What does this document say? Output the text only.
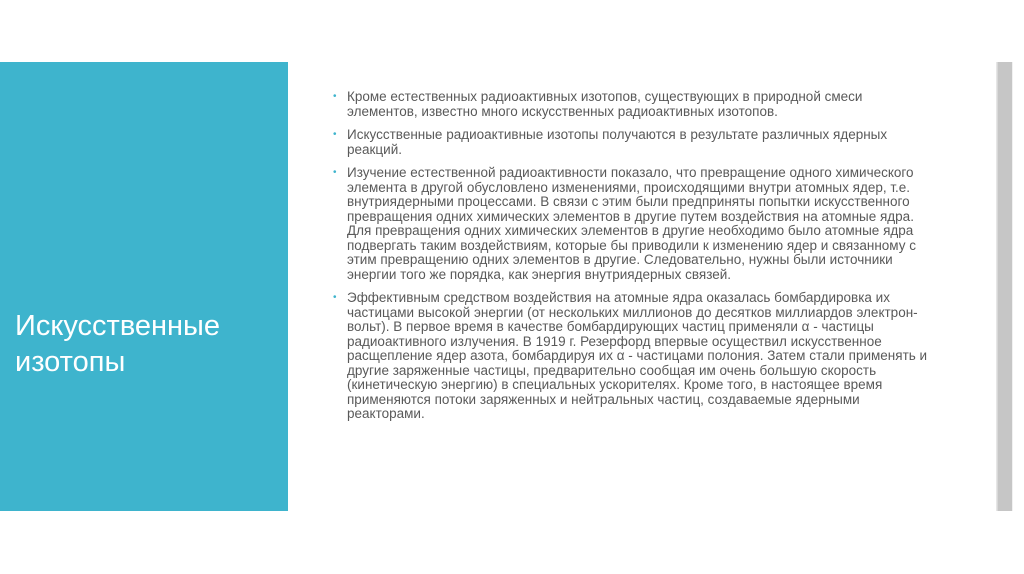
Искусственные
изотопы
• Кроме естественных радиоактивных изотопов, существующих в природной смеси элементов, известно много искусственных радиоактивных изотопов.
• Искусственные радиоактивные изотопы получаются в результате различных ядерных реакций.
• Изучение естественной радиоактивности показало, что превращение одного химического элемента в другой обусловлено изменениями, происходящими внутри атомных ядер, т.е. внутриядерными процессами. В связи с этим были предприняты попытки искусственного превращения одних химических элементов в другие путем воздействия на атомные ядра. Для превращения одних химических элементов в другие необходимо было атомные ядра подвергать таким воздействиям, которые бы приводили к изменению ядер и связанному с этим превращению одних элементов в другие. Следовательно, нужны были источники энергии того же порядка, как энергия внутриядерных связей.
• Эффективным средством воздействия на атомные ядра оказалась бомбардировка их частицами высокой энергии (от нескольких миллионов до десятков миллиардов электрон-вольт). В первое время в качестве бомбардирующих частиц применяли α - частицы радиоактивного излучения. В 1919 г. Резерфорд впервые осуществил искусственное расщепление ядер азота, бомбардируя их α - частицами полония. Затем стали применять и другие заряженные частицы, предварительно сообщая им очень большую скорость (кинетическую энергию) в специальных ускорителях. Кроме того, в настоящее время применяются потоки заряженных и нейтральных частиц, создаваемые ядерными реакторами.
